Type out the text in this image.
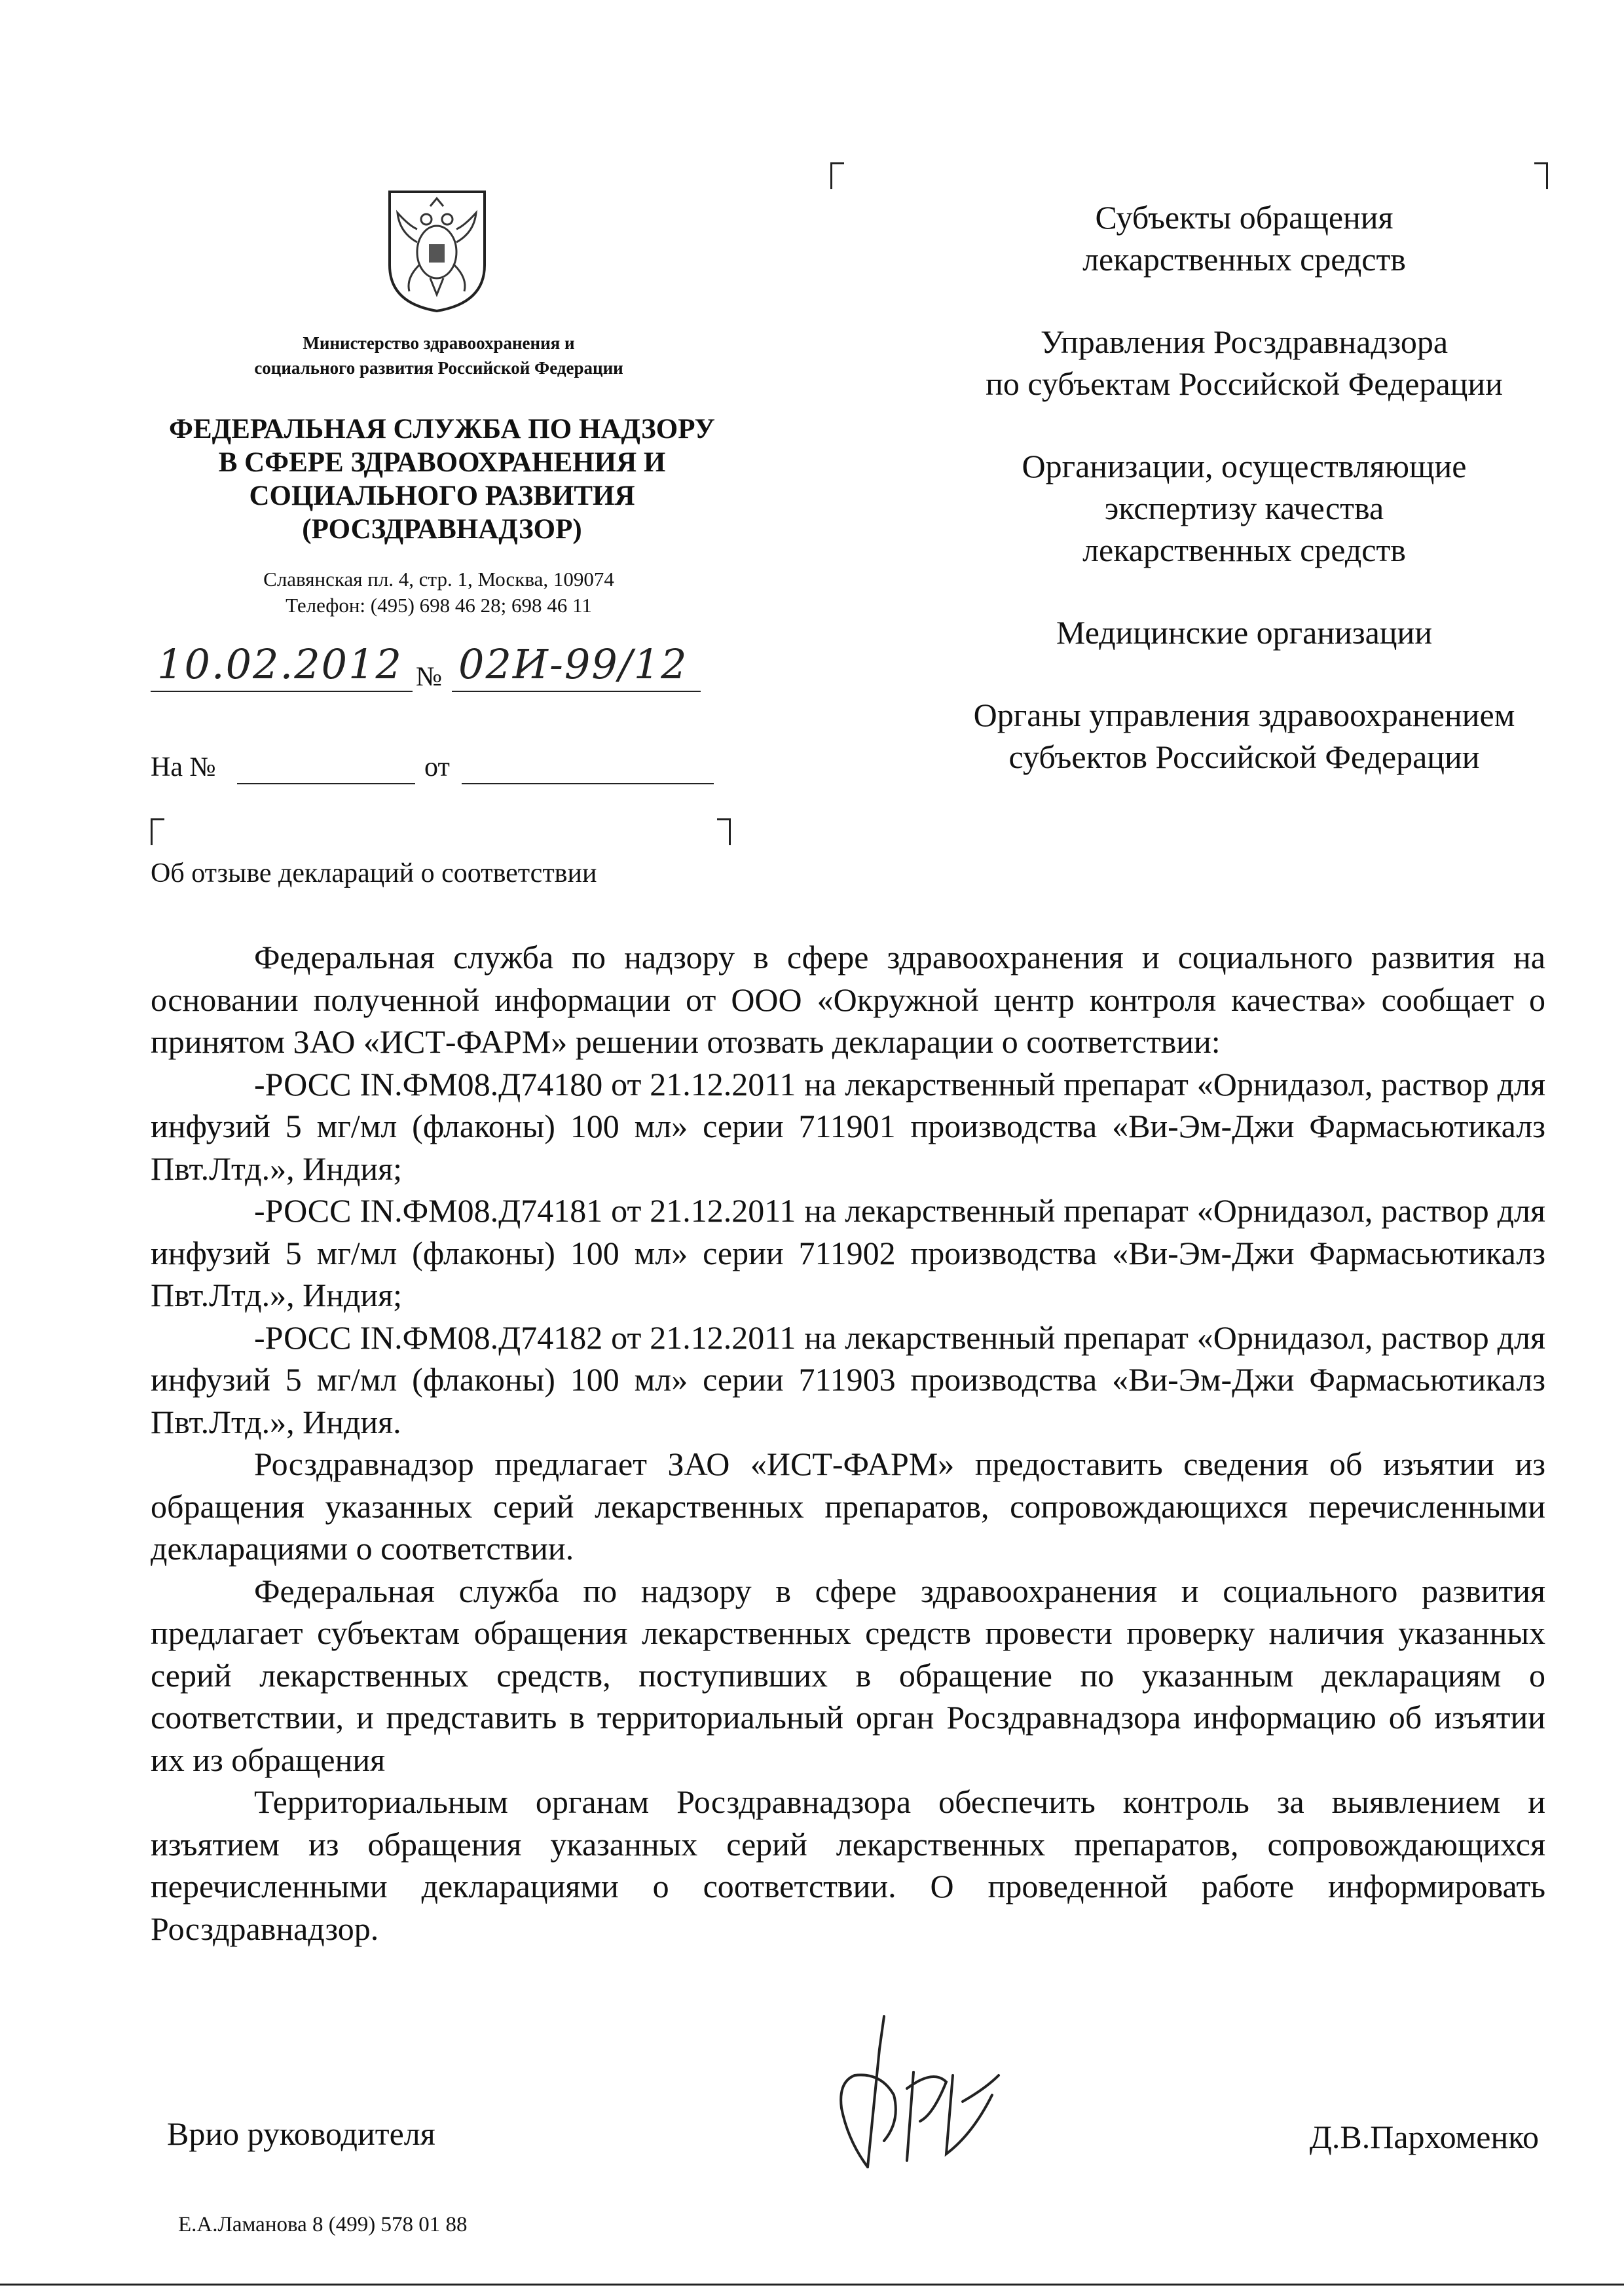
Министерство здравоохранения и
социального развития Российской Федерации
ФЕДЕРАЛЬНАЯ СЛУЖБА ПО НАДЗОРУ
В СФЕРЕ ЗДРАВООХРАНЕНИЯ И
СОЦИАЛЬНОГО РАЗВИТИЯ
(РОСЗДРАВНАДЗОР)
Славянская пл. 4, стр. 1, Москва, 109074
Телефон: (495) 698 46 28; 698 46 11
10.02.2012 № 02И-99/12
На №	от
Об отзыве деклараций о соответствии
Субъекты обращения
лекарственных средств
Управления Росздравнадзора
по субъектам Российской Федерации
Организации, осуществляющие
экспертизу качества
лекарственных средств
Медицинские организации
Органы управления здравоохранением
субъектов Российской Федерации

Федеральная служба по надзору в сфере здравоохранения и социального развития на основании полученной информации от ООО «Окружной центр контроля качества» сообщает о принятом ЗАО «ИСТ-ФАРМ» решении отозвать декларации о соответствии:

-РОСС IN.ФМ08.Д74180 от 21.12.2011 на лекарственный препарат «Орнидазол, раствор для инфузий 5 мг/мл (флаконы) 100 мл» серии 711901 производства «Ви-Эм-Джи Фармасьютикалз Пвт.Лтд.», Индия;

-РОСС IN.ФМ08.Д74181 от 21.12.2011 на лекарственный препарат «Орнидазол, раствор для инфузий 5 мг/мл (флаконы) 100 мл» серии 711902 производства «Ви-Эм-Джи Фармасьютикалз Пвт.Лтд.», Индия;

-РОСС IN.ФМ08.Д74182 от 21.12.2011 на лекарственный препарат «Орнидазол, раствор для инфузий 5 мг/мл (флаконы) 100 мл» серии 711903 производства «Ви-Эм-Джи Фармасьютикалз Пвт.Лтд.», Индия.

Росздравнадзор предлагает ЗАО «ИСТ-ФАРМ» предоставить сведения об изъятии из обращения указанных серий лекарственных препаратов, сопровождающихся перечисленными декларациями о соответствии.

Федеральная служба по надзору в сфере здравоохранения и социального развития предлагает субъектам обращения лекарственных средств провести проверку наличия указанных серий лекарственных средств, поступивших в обращение по указанным декларациям о соответствии, и представить в территориальный орган Росздравнадзора информацию об изъятии их из обращения

Территориальным органам Росздравнадзора обеспечить контроль за выявлением и изъятием из обращения указанных серий лекарственных препаратов, сопровождающихся перечисленными декларациями о соответствии. О проведенной работе информировать Росздравнадзор.

Врио руководителя	Д.В.Пархоменко
Е.А.Ламанова 8 (499) 578 01 88
